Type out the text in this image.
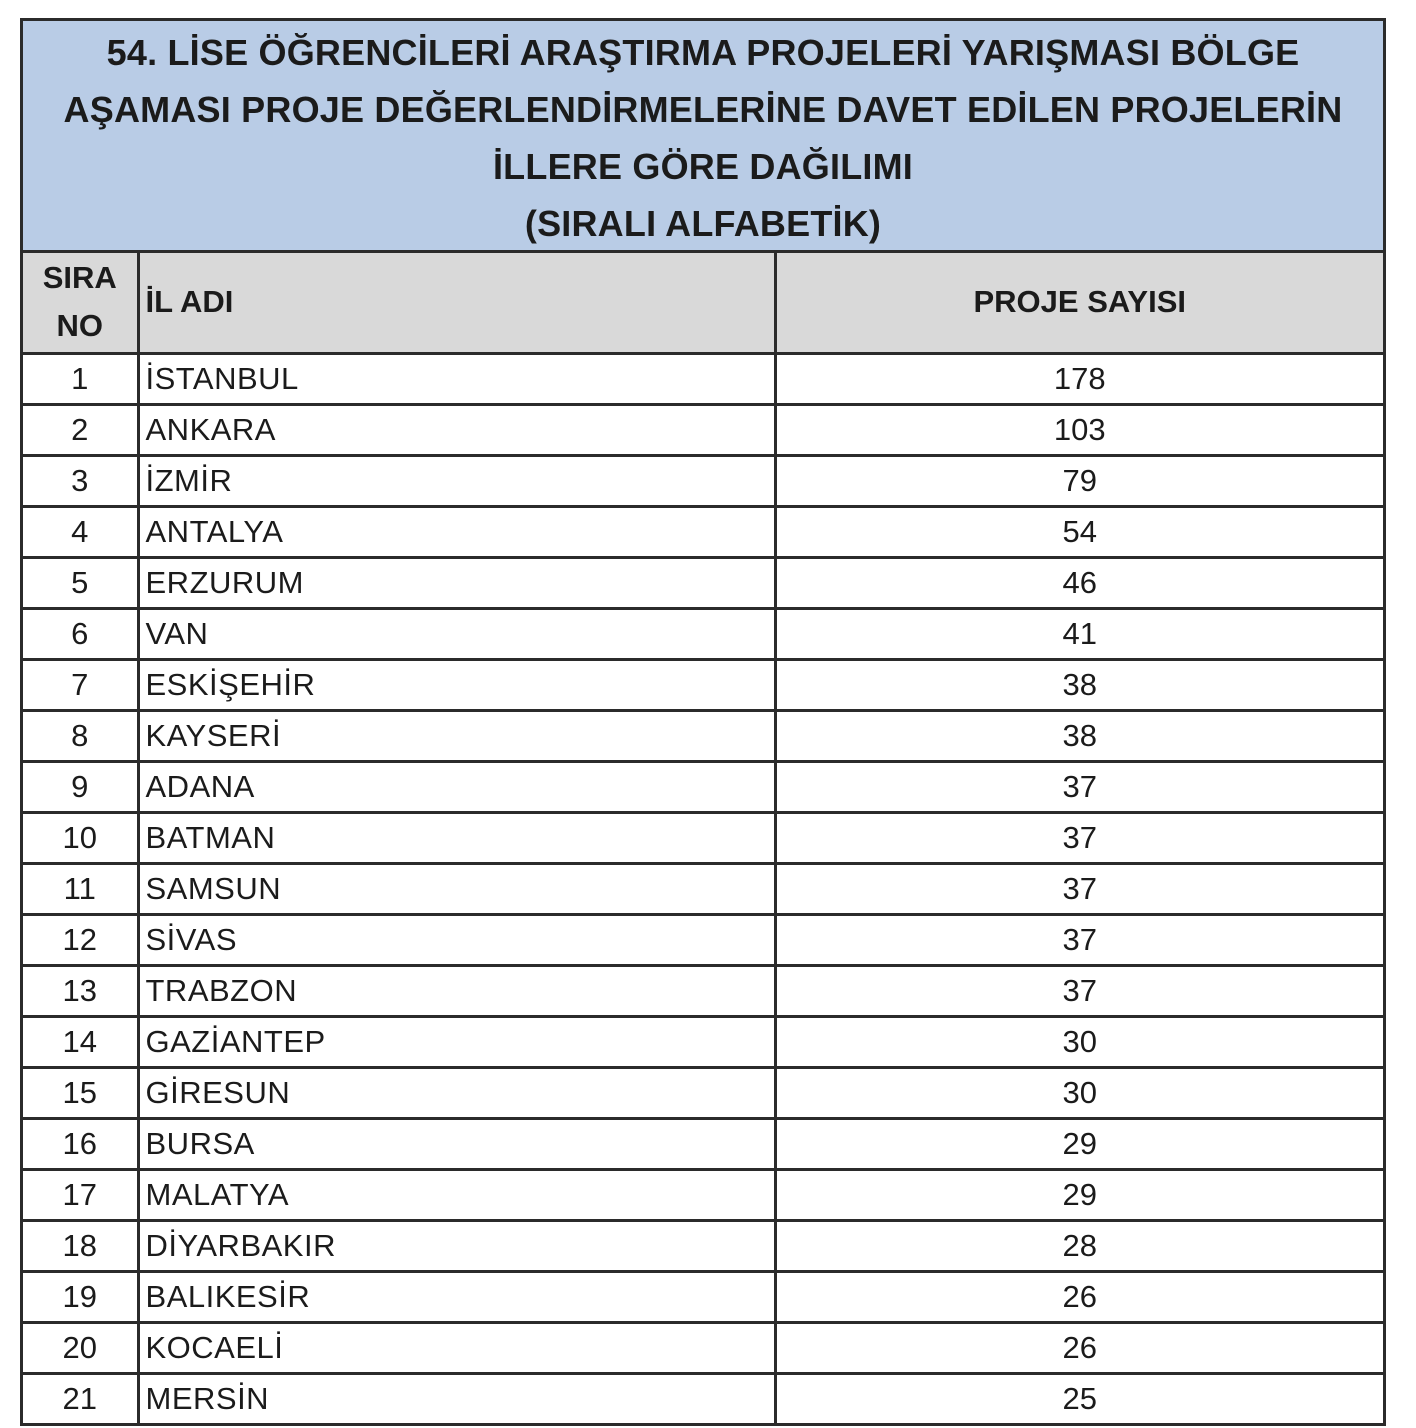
54. LİSE ÖĞRENCİLERİ ARAŞTIRMA PROJELERİ YARIŞMASI BÖLGE
AŞAMASI PROJE DEĞERLENDİRMELERİNE DAVET EDİLEN PROJELERİN
İLLERE GÖRE DAĞILIMI
(SIRALI ALFABETİK)
SIRA
NO	İL ADI	PROJE SAYISI
1	İSTANBUL	178
2	ANKARA	103
3	İZMİR	79
4	ANTALYA	54
5	ERZURUM	46
6	VAN	41
7	ESKİŞEHİR	38
8	KAYSERİ	38
9	ADANA	37
10	BATMAN	37
11	SAMSUN	37
12	SİVAS	37
13	TRABZON	37
14	GAZİANTEP	30
15	GİRESUN	30
16	BURSA	29
17	MALATYA	29
18	DİYARBAKIR	28
19	BALIKESİR	26
20	KOCAELİ	26
21	MERSİN	25
